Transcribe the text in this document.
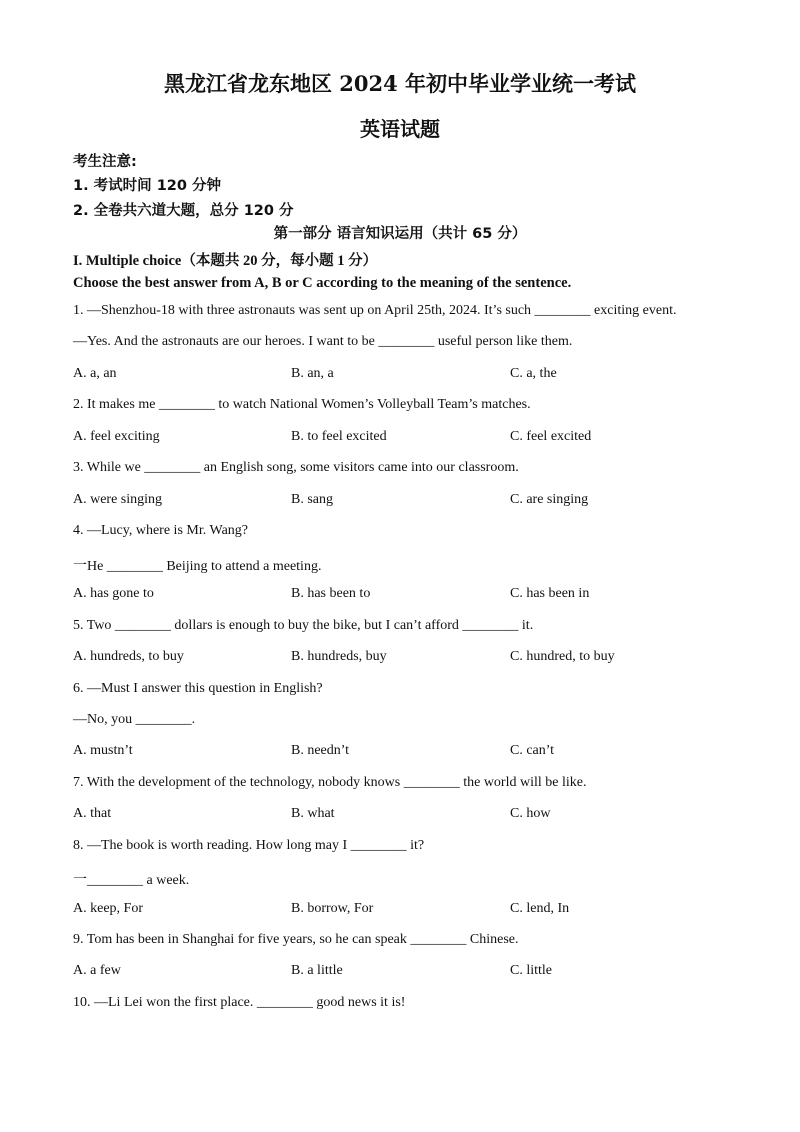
黑龙江省龙东地区 2024 年初中毕业学业统一考试
英语试题
考生注意:
1. 考试时间 120 分钟
2. 全卷共六道大题，总分 120 分
第一部分 语言知识运用（共计 65 分）
I. Multiple choice（本题共 20 分，每小题 1 分）
Choose the best answer from A, B or C according to the meaning of the sentence.
1. —Shenzhou-18 with three astronauts was sent up on April 25th, 2024. It’s such ________ exciting event.
—Yes. And the astronauts are our heroes. I want to be ________ useful person like them.
A. a, an	B. an, a	C. a, the
2. It makes me ________ to watch National Women’s Volleyball Team’s matches.
A. feel exciting	B. to feel excited	C. feel excited
3. While we ________ an English song, some visitors came into our classroom.
A. were singing	B. sang	C. are singing
4. —Lucy, where is Mr. Wang?
一He ________ Beijing to attend a meeting.
A. has gone to	B. has been to	C. has been in
5. Two ________ dollars is enough to buy the bike, but I can’t afford ________ it.
A. hundreds, to buy	B. hundreds, buy	C. hundred, to buy
6. —Must I answer this question in English?
—No, you ________.
A. mustn’t	B. needn’t	C. can’t
7. With the development of the technology, nobody knows ________ the world will be like.
A. that	B. what	C. how
8. —The book is worth reading. How long may I ________ it?
一________ a week.
A. keep, For	B. borrow, For	C. lend, In
9. Tom has been in Shanghai for five years, so he can speak ________ Chinese.
A. a few	B. a little	C. little
10. —Li Lei won the first place. ________ good news it is!
